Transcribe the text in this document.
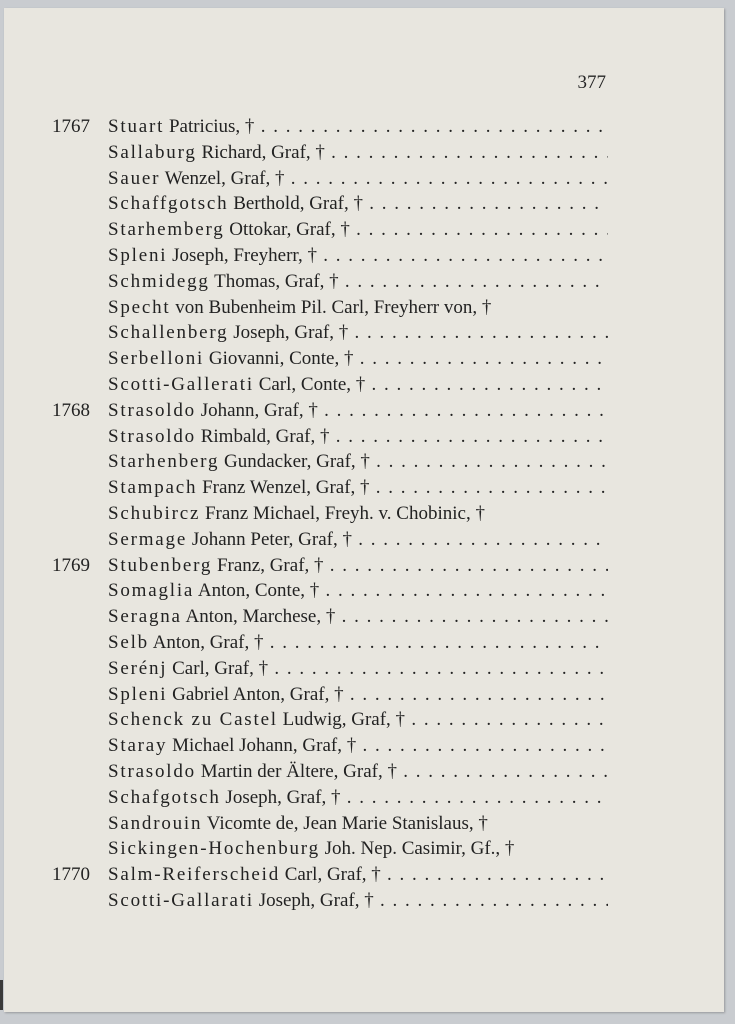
377
1767 Stuart Patricius, † . . .
Sallaburg Richard, Graf, † . . .
Sauer Wenzel, Graf, † . . .
Schaffgotsch Berthold, Graf, † . . .
Starhemberg Ottokar, Graf, † . . .
Spleni Joseph, Freyherr, † . . .
Schmidegg Thomas, Graf, † . . .
Specht von Bubenheim Pil. Carl, Freyherr von, †
Schallenberg Joseph, Graf, † . . .
Serbelloni Giovanni, Conte, † . . .
Scotti-Gallerati Carl, Conte, † . . .
1768 Strasoldo Johann, Graf, † . . .
Strasoldo Rimbald, Graf, † . . .
Starhenberg Gundacker, Graf, † . . .
Stampach Franz Wenzel, Graf, † . . .
Schubircz Franz Michael, Freyh. v. Chobinic, †
Sermage Johann Peter, Graf, † . . .
1769 Stubenberg Franz, Graf, † . . .
Somaglia Anton, Conte, † . . .
Seragna Anton, Marchese, † . . .
Selb Anton, Graf, † . . .
Serénj Carl, Graf, † . . .
Spleni Gabriel Anton, Graf, † . . .
Schenck zu Castel Ludwig, Graf, † . . .
Staray Michael Johann, Graf, † . . .
Strasoldo Martin der Ältere, Graf, † . . .
Schafgotsch Joseph, Graf, † . . .
Sandrouin Vicomte de, Jean Marie Stanislaus, †
Sickingen-Hochenburg Joh. Nep. Casimir, Gf., †
1770 Salm-Reiferscheid Carl, Graf, † . . .
Scotti-Gallarati Joseph, Graf, † . . .
